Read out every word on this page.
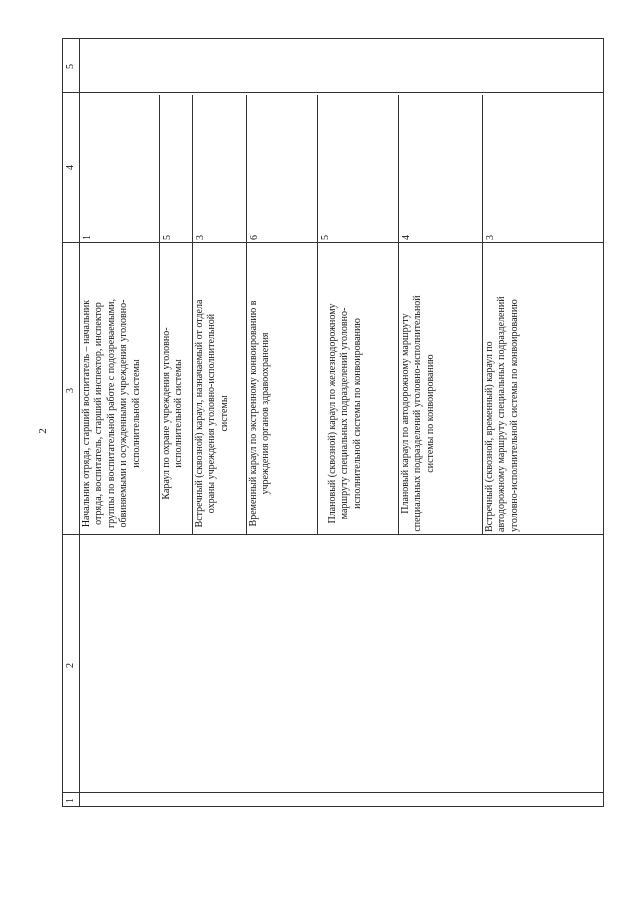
2
1
2
3
4
5
Начальник отряда, старший воспитатель – начальник отряда, воспитатель, старший инспектор, инспектор группы по воспитательной работе с подозреваемыми, обвиняемыми и осужденными учреждения уголовно-исполнительной системы
1
Караул по охране учреждения уголовно-исполнительной системы
5
Встречный (сквозной) караул, назначаемый от отдела охраны учреждения уголовно-исполнительной системы
3
Временный караул по экстренному конвоированию в учреждения органов здравоохранения
6
Плановый (сквозной) караул по железнодорожному маршруту специальных подразделений уголовно-исполнительной системы по конвоированию
5
Плановый караул по автодорожному маршруту специальных подразделений уголовно-исполнительной системы по конвоированию
4
Встречный (сквозной, временный) караул по автодорожному маршруту специальных подразделений уголовно-исполнительной системы по конвоированию
3
